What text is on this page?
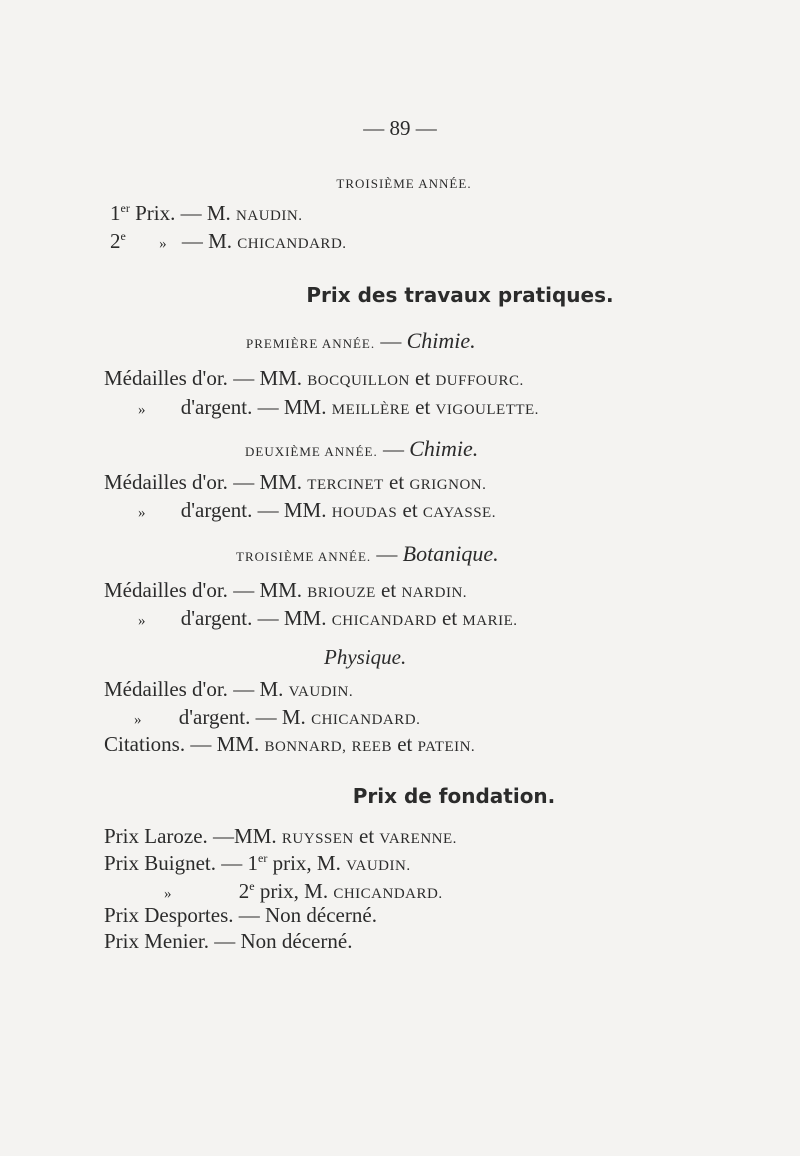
— 89 —
TROISIÈME ANNÉE.
1er Prix. — M. NAUDIN.
2e » — M. CHICANDARD.
Prix des travaux pratiques.
PREMIÈRE ANNÉE. — Chimie.
Médailles d'or. — MM. BOCQUILLON et DUFFOURC.
» d'argent. — MM. MEILLÈRE et VIGOULETTE.
DEUXIÈME ANNÉE. — Chimie.
Médailles d'or. — MM. TERCINET et GRIGNON.
» d'argent. — MM. HOUDAS et CAYASSE.
TROISIÈME ANNÉE. — Botanique.
Médailles d'or. — MM. BRIOUZE et NARDIN.
» d'argent. — MM. CHICANDARD et MARIE.
Physique.
Médailles d'or. — M. VAUDIN.
» d'argent. — M. CHICANDARD.
Citations. — MM. BONNARD, REEB et PATEIN.
Prix de fondation.
Prix Laroze. —MM. RUYSSEN et VARENNE.
Prix Buignet. — 1er prix, M. VAUDIN.
»	2e prix, M. CHICANDARD.
Prix Desportes. — Non décerné.
Prix Menier. — Non décerné.
